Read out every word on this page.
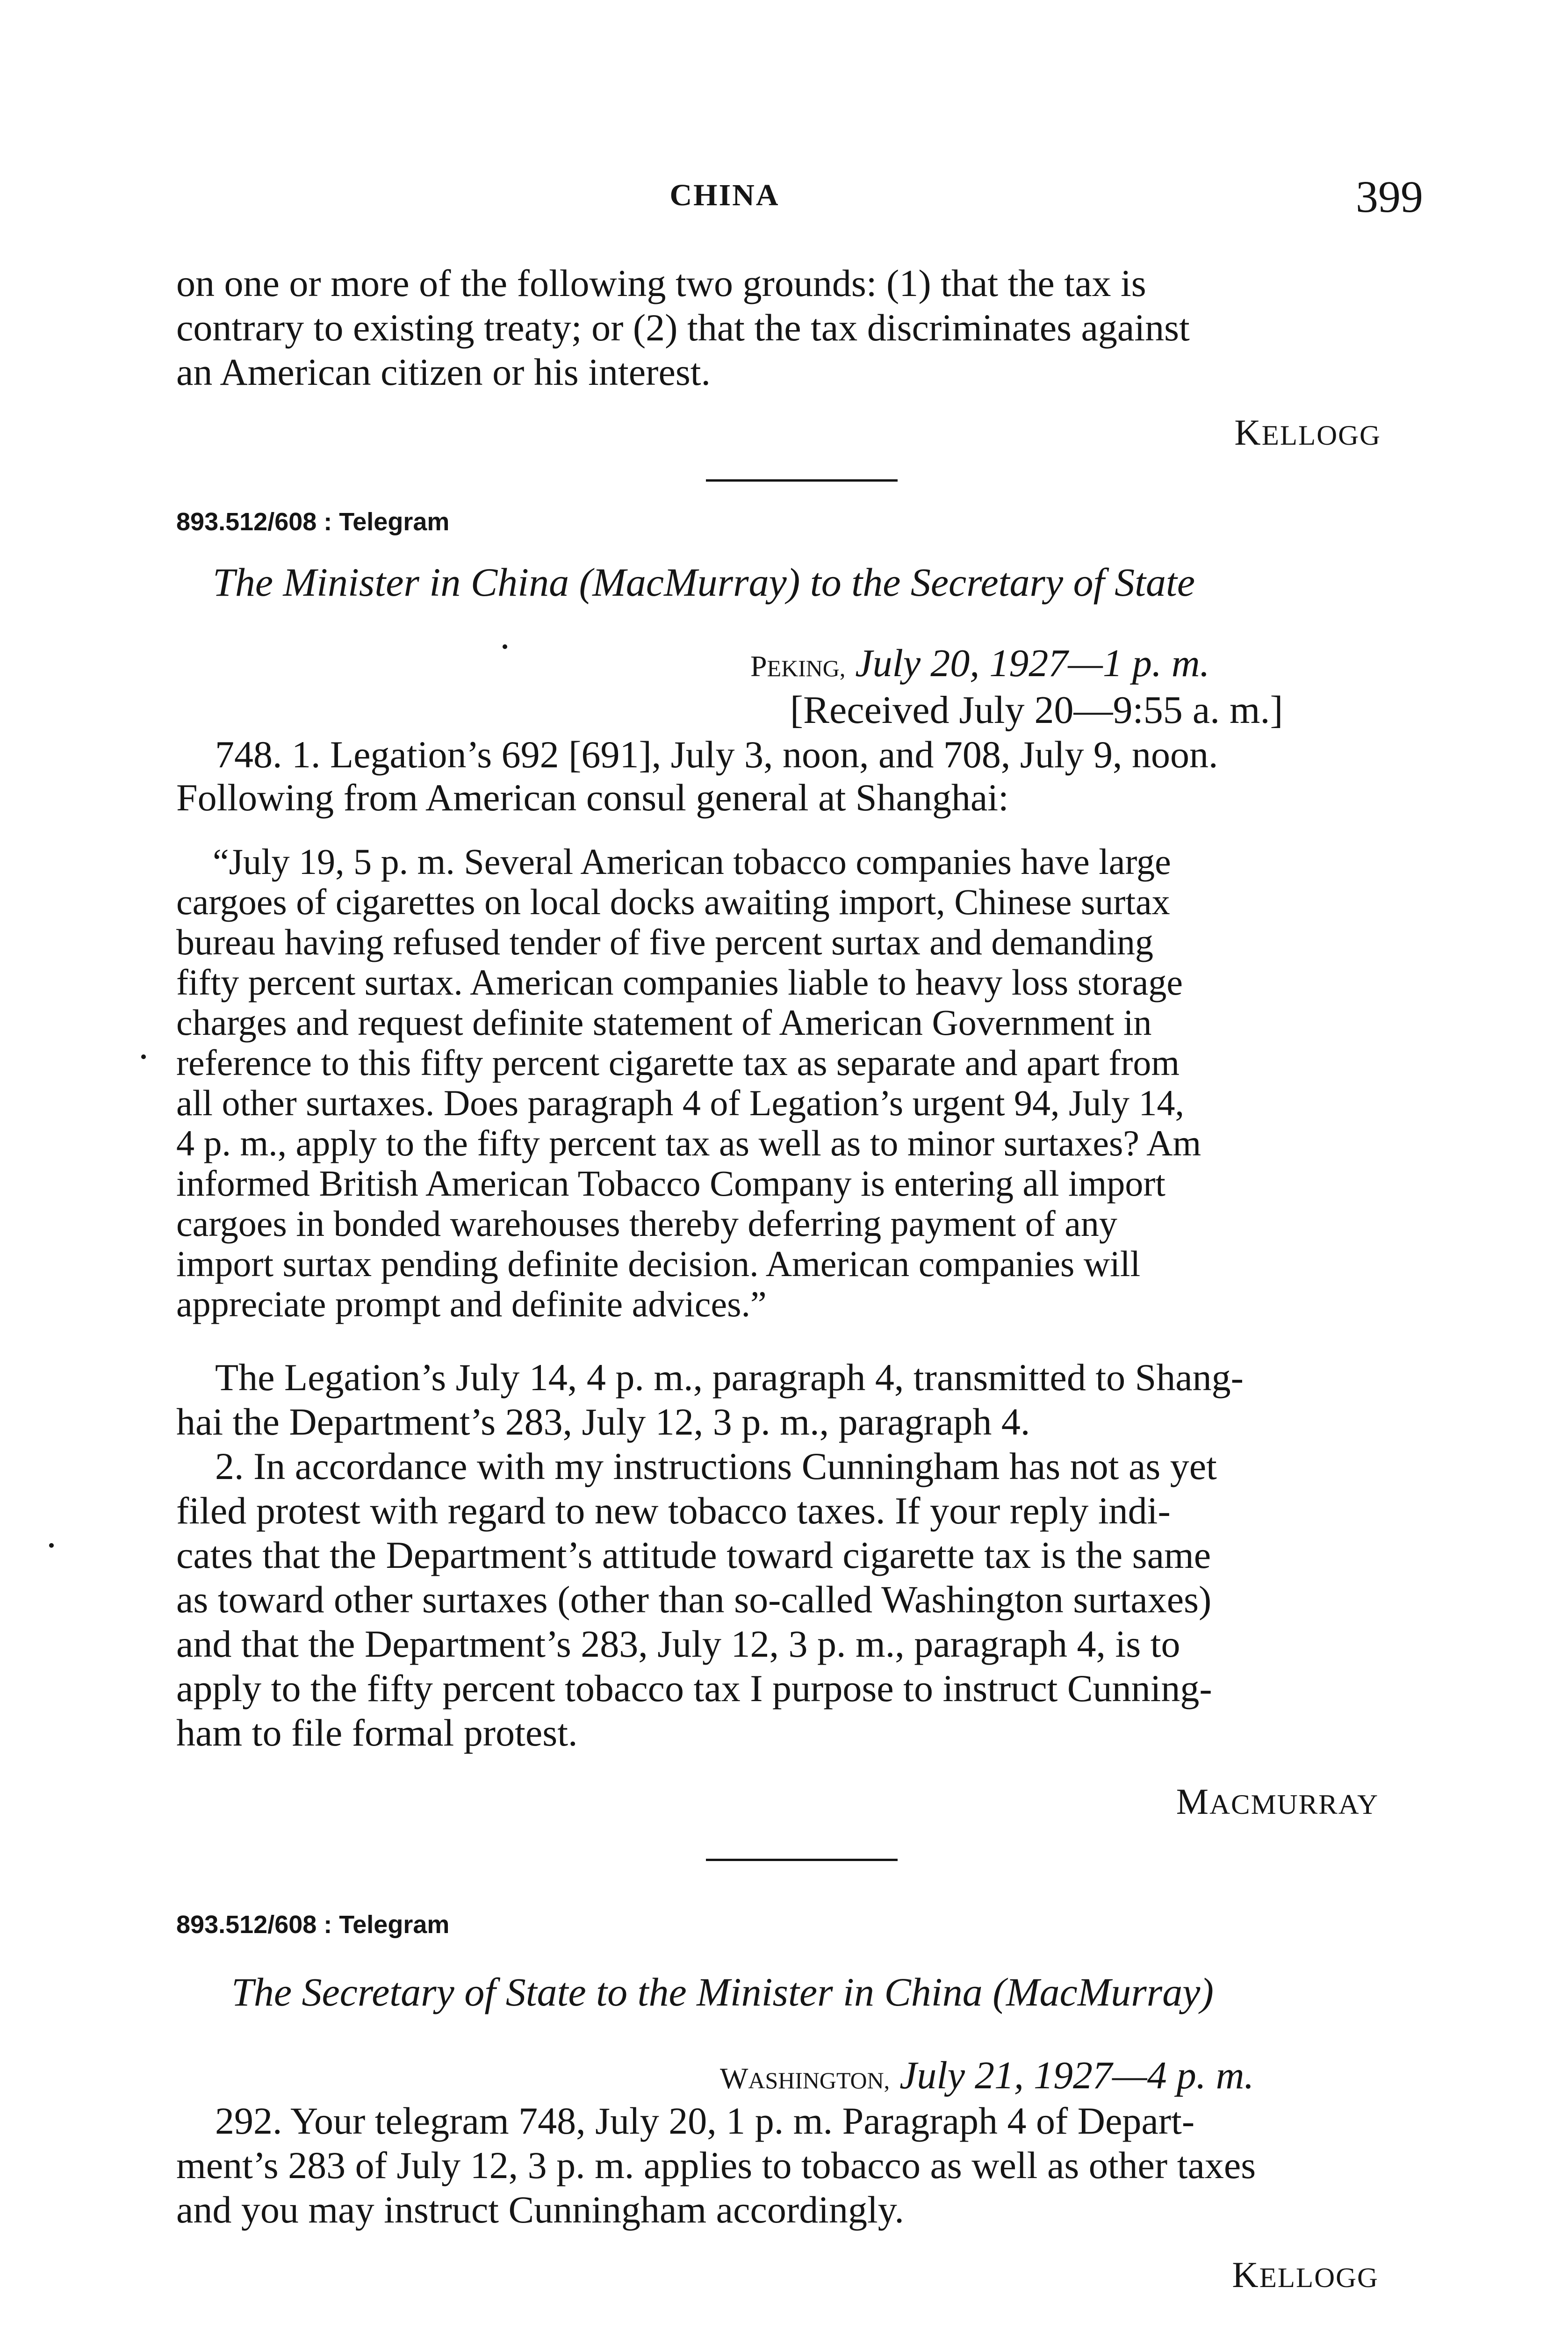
CHINA	399
on one or more of the following two grounds: (1) that the tax is
contrary to existing treaty; or (2) that the tax discriminates against
an American citizen or his interest.
KELLOGG
893.512/608 : Telegram
The Minister in China (MacMurray) to the Secretary of State
PEKING, July 20, 1927—1 p. m.
[Received July 20—9:55 a. m.]
748. 1. Legation’s 692 [691], July 3, noon, and 708, July 9, noon.
Following from American consul general at Shanghai:
“July 19, 5 p. m. Several American tobacco companies have large
cargoes of cigarettes on local docks awaiting import, Chinese surtax
bureau having refused tender of five percent surtax and demanding
fifty percent surtax. American companies liable to heavy loss storage
charges and request definite statement of American Government in
reference to this fifty percent cigarette tax as separate and apart from
all other surtaxes. Does paragraph 4 of Legation’s urgent 94, July 14,
4 p. m., apply to the fifty percent tax as well as to minor surtaxes? Am
informed British American Tobacco Company is entering all import
cargoes in bonded warehouses thereby deferring payment of any
import surtax pending definite decision. American companies will
appreciate prompt and definite advices.”
The Legation’s July 14, 4 p. m., paragraph 4, transmitted to Shang-
hai the Department’s 283, July 12, 3 p. m., paragraph 4.
2. In accordance with my instructions Cunningham has not as yet
filed protest with regard to new tobacco taxes. If your reply indi-
cates that the Department’s attitude toward cigarette tax is the same
as toward other surtaxes (other than so-called Washington surtaxes)
and that the Department’s 283, July 12, 3 p. m., paragraph 4, is to
apply to the fifty percent tobacco tax I purpose to instruct Cunning-
ham to file formal protest.
MACMURRAY
893.512/608 : Telegram
The Secretary of State to the Minister in China (MacMurray)
WASHINGTON, July 21, 1927—4 p. m.
292. Your telegram 748, July 20, 1 p. m. Paragraph 4 of Depart-
ment’s 283 of July 12, 3 p. m. applies to tobacco as well as other taxes
and you may instruct Cunningham accordingly.
KELLOGG
